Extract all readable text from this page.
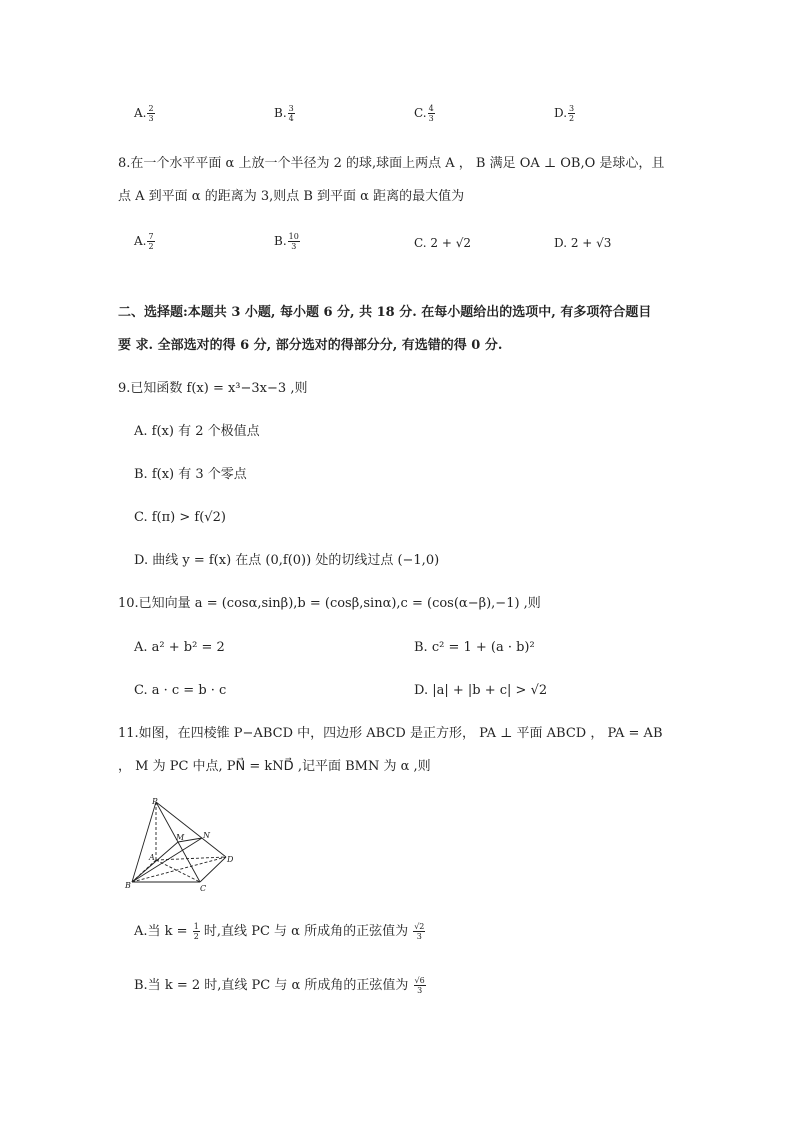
A. $\frac{2}{3}$	B. $\frac{3}{4}$	C. $\frac{4}{3}$	D. $\frac{3}{2}$
8.在一个水平平面 α 上放一个半径为 2 的球,球面上两点 A ， B 满足 OA ⊥ OB,O 是球心，且
点 A 到平面 α 的距离为 3,则点 B 到平面 α 距离的最大值为
A. $\frac{7}{2}$	B. $\frac{10}{3}$	C. 2 + √2	D. 2 + √3
二、选择题:本题共 3 小题, 每小题 6 分, 共 18 分. 在每小题给出的选项中, 有多项符合题目
要 求. 全部选对的得 6 分, 部分选对的得部分分, 有选错的得 0 分.
9.已知函数 f(x) = x³−3x−3 ,则
A. f(x) 有 2 个极值点
B. f(x) 有 3 个零点
C. f(π) > f(√2)
D. 曲线 y = f(x) 在点 (0,f(0)) 处的切线过点 (−1,0)
10.已知向量 a = (cosα,sinβ),b = (cosβ,sinα),c = (cos(α−β),−1) ,则
A. a² + b² = 2	B. c² = 1 + (a · b)²
C. a · c = b · c	D. |a| + |b + c| > √2
11.如图，在四棱锥 P−ABCD 中，四边形 ABCD 是正方形， PA ⊥ 平面 ABCD ， PA = AB
， M 为 PC 中点, PN⃗ = kND⃗ ,记平面 BMN 为 α ,则
P
A
B	C
D
M N
A.当 $k = \frac{1}{2}$ 时,直线 PC 与 α 所成角的正弦值为 $\frac{√2}{3}$
B.当 k = 2 时,直线 PC 与 α 所成角的正弦值为 $\frac{√6}{3}$
